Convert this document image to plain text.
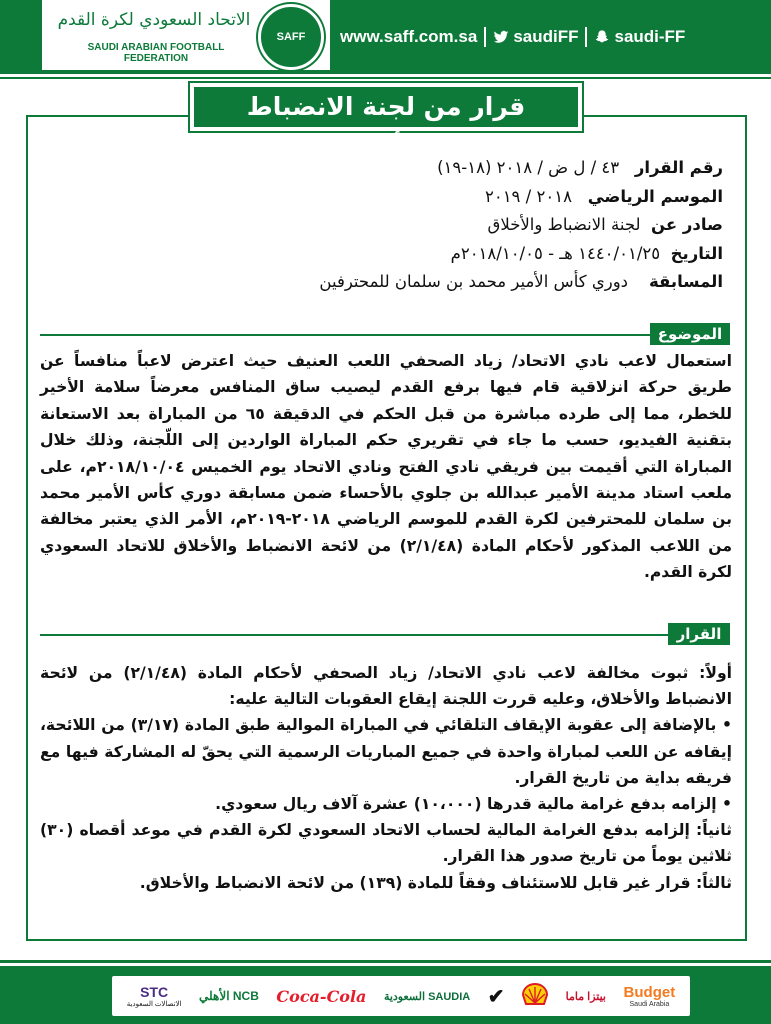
الاتحاد السعودي لكرة القدم
SAUDI ARABIAN FOOTBALL FEDERATION
SAFF	www.saff.com.sa saudiFF saudi-FF
قرار من لجنة الانضباط والأخلاق
رقم القرار   ٤٣ / ل ض / ٢٠١٨ (١٨-١٩)
الموسم الرياضي   ٢٠١٨ / ٢٠١٩
صادر عن  لجنة الانضباط والأخلاق
التاريخ  ١٤٤٠/٠١/٢٥ هـ - ٢٠١٨/١٠/٠٥م
المسابقة    دوري كأس الأمير محمد بن سلمان للمحترفين
الموضوع

استعمال لاعب نادي الاتحاد/ زياد الصحفي اللعب العنيف حيث اعترض لاعباً منافساً عن طريق حركة انزلاقية قام فيها برفع القدم ليصيب ساق المنافس معرضاً سلامة الأخير للخطر، مما إلى طرده مباشرة من قبل الحكم في الدقيقة ٦٥ من المباراة بعد الاستعانة بتقنية الفيديو، حسب ما جاء في تقريري حكم المباراة الواردين إلى اللّجنة، وذلك خلال المباراة التي أقيمت بين فريقي نادي الفتح ونادي الاتحاد يوم الخميس ٢٠١٨/١٠/٠٤م، على ملعب استاد مدينة الأمير عبدالله بن جلوي بالأحساء ضمن مسابقة دوري كأس الأمير محمد بن سلمان للمحترفين لكرة القدم للموسم الرياضي ٢٠١٨-٢٠١٩م، الأمر الذي يعتبر مخالفة من اللاعب المذكور لأحكام المادة (٢/١/٤٨) من لائحة الانضباط والأخلاق للاتحاد السعودي لكرة القدم.

القرار

أولاً: ثبوت مخالفة لاعب نادي الاتحاد/ زياد الصحفي لأحكام المادة (٢/١/٤٨) من لائحة الانضباط والأخلاق، وعليه قررت اللجنة إيقاع العقوبات التالية عليه:

• بالإضافة إلى عقوبة الإيقاف التلقائي في المباراة الموالية طبق المادة (٣/١٧) من اللائحة، إيقافه عن اللعب لمباراة واحدة في جميع المباريات الرسمية التي يحقّ له المشاركة فيها مع فريقه بداية من تاريخ القرار.

• إلزامه بدفع غرامة مالية قدرها (١٠،٠٠٠) عشرة آلاف ريال سعودي.

ثانياً: إلزامه بدفع الغرامة المالية لحساب الاتحاد السعودي لكرة القدم في موعد أقصاه (٣٠) ثلاثين يوماً من تاريخ صدور هذا القرار.

ثالثاً: قرار غير قابل للاستئناف وفقاً للمادة (١٣٩) من لائحة الانضباط والأخلاق.

STC
الاتصالات السعودية
الأهلي NCB Coca-Cola السعودية SAUDIA ✔	بيتزا ماما Budget
Saudi Arabia
